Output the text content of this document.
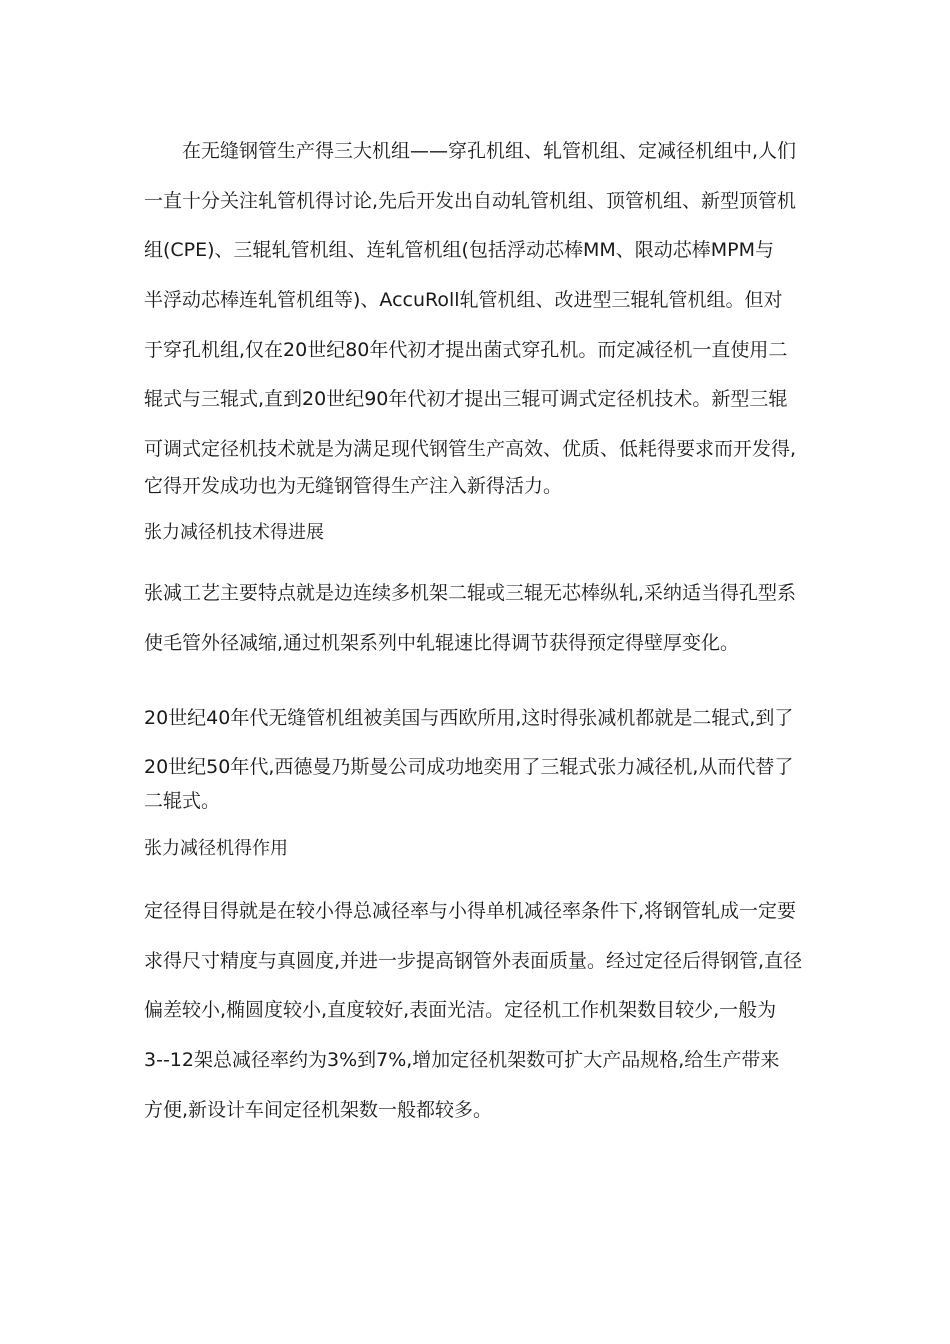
在无缝钢管生产得三大机组——穿孔机组、轧管机组、定减径机组中,人们
一直十分关注轧管机得讨论,先后开发出自动轧管机组、顶管机组、新型顶管机
组(CPE)、三辊轧管机组、连轧管机组(包括浮动芯棒MM、限动芯棒MPM与
半浮动芯棒连轧管机组等)、AccuRoll轧管机组、改进型三辊轧管机组。但对
于穿孔机组,仅在20世纪80年代初才提出菌式穿孔机。而定减径机一直使用二
辊式与三辊式,直到20世纪90年代初才提出三辊可调式定径机技术。新型三辊
可调式定径机技术就是为满足现代钢管生产高效、优质、低耗得要求而开发得,
它得开发成功也为无缝钢管得生产注入新得活力。
张力减径机技术得进展
张减工艺主要特点就是边连续多机架二辊或三辊无芯棒纵轧,采纳适当得孔型系
使毛管外径减缩,通过机架系列中轧辊速比得调节获得预定得壁厚变化。
20世纪40年代无缝管机组被美国与西欧所用,这时得张减机都就是二辊式,到了
20世纪50年代,西德曼乃斯曼公司成功地奕用了三辊式张力减径机,从而代替了
二辊式。
张力减径机得作用
定径得目得就是在较小得总减径率与小得单机减径率条件下,将钢管轧成一定要
求得尺寸精度与真圆度,并进一步提高钢管外表面质量。经过定径后得钢管,直径
偏差较小,椭圆度较小,直度较好,表面光洁。定径机工作机架数目较少,一般为
3--12架总减径率约为3%到7%,增加定径机架数可扩大产品规格,给生产带来
方便,新设计车间定径机架数一般都较多。
